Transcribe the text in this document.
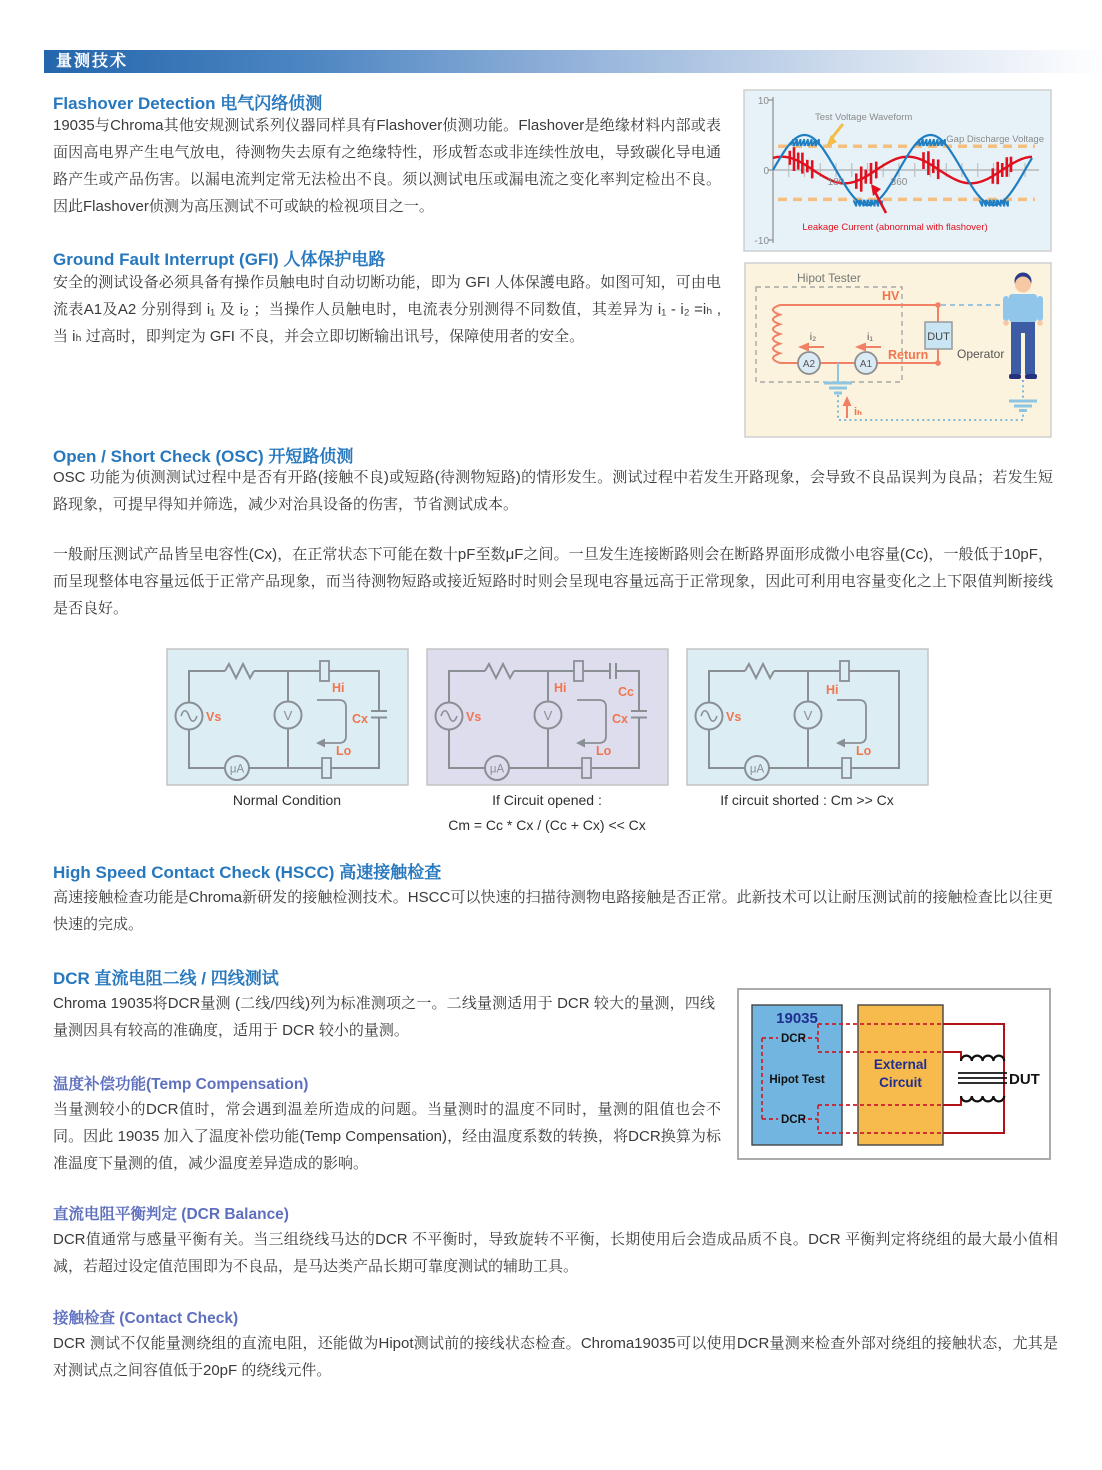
量测技术
Flashover Detection 电气闪络侦测
19035与Chroma其他安规测试系列仪器同样具有Flashover侦测功能。Flashover是绝缘材料内部或表面因高电界产生电气放电，待测物失去原有之绝缘特性，形成暂态或非连续性放电，导致碳化导电通路产生或产品伤害。以漏电流判定常无法检出不良。须以测试电压或漏电流之变化率判定检出不良。因此Flashover侦测为高压测试不可或缺的检视项目之一。
10
0
-10
180	360
Test Voltage Waveform
Gap Discharge Voltage
Leakage Current (abnornmal with flashover)
Ground Fault Interrupt (GFI) 人体保护电路
安全的测试设备必须具备有操作员触电时自动切断功能，即为 GFI 人体保護电路。如图可知，可由电流表A1及A2 分别得到 i₁ 及 i₂ ；当操作人员触电时，电流表分别测得不同数值，其差异为 i₁ - i₂ =iₕ , 当 iₕ 过高时，即判定为 GFI 不良，并会立即切断输出讯号，保障使用者的安全。
Hipot Tester
HV
DUT
A2	A1
i₂	i₁
Return
iₕ
Operator
Open / Short Check (OSC) 开短路侦测
OSC 功能为侦测测试过程中是否有开路(接触不良)或短路(待测物短路)的情形发生。测试过程中若发生开路现象，会导致不良品误判为良品；若发生短路现象，可提早得知并筛选，减少对治具设备的伤害，节省测试成本。
一般耐压测试产品皆呈电容性(Cx)，在正常状态下可能在数十pF至数μF之间。一旦发生连接断路则会在断路界面形成微小电容量(Cc)，一般低于10pF，而呈现整体电容量远低于正常产品现象，而当待测物短路或接近短路时时则会呈现电容量远高于正常现象，因此可利用电容量变化之上下限值判断接线是否良好。
V
μA
Vs
Hi
Cx
Lo
V
μA
Vs
Hi	Cc
Cx
Lo
V
μA
Vs
Hi
Lo
Normal Condition	If Circuit opened :
Cm = Cc * Cx / (Cc + Cx) << Cx
If circuit shorted : Cm >> Cx
High Speed Contact Check (HSCC) 高速接触检查
高速接触检查功能是Chroma新研发的接触检测技术。HSCC可以快速的扫描待测物电路接触是否正常。此新技术可以让耐压测试前的接触检查比以往更快速的完成。
DCR 直流电阻二线 / 四线测试
Chroma 19035将DCR量测 (二线/四线)列为标准测项之一。二线量测适用于 DCR 较大的量测，四线量测因具有较高的准确度，适用于 DCR 较小的量测。
19035
DCR
Hipot Test
DCR
External
Circuit	DUT
温度补偿功能(Temp Compensation)
当量测较小的DCR值时，常会遇到温差所造成的问题。当量测时的温度不同时，量测的阻值也会不同。因此 19035 加入了温度补偿功能(Temp Compensation)，经由温度系数的转换，将DCR换算为标准温度下量测的值，减少温度差异造成的影响。
直流电阻平衡判定 (DCR Balance)
DCR值通常与感量平衡有关。当三组绕线马达的DCR 不平衡时，导致旋转不平衡，长期使用后会造成品质不良。DCR 平衡判定将绕组的最大最小值相减，若超过设定值范围即为不良品，是马达类产品长期可靠度测试的辅助工具。
接触检查 (Contact Check)
DCR 测试不仅能量测绕组的直流电阻，还能做为Hipot测试前的接线状态检查。Chroma19035可以使用DCR量测来检查外部对绕组的接触状态，尤其是对测试点之间容值低于20pF 的绕线元件。
